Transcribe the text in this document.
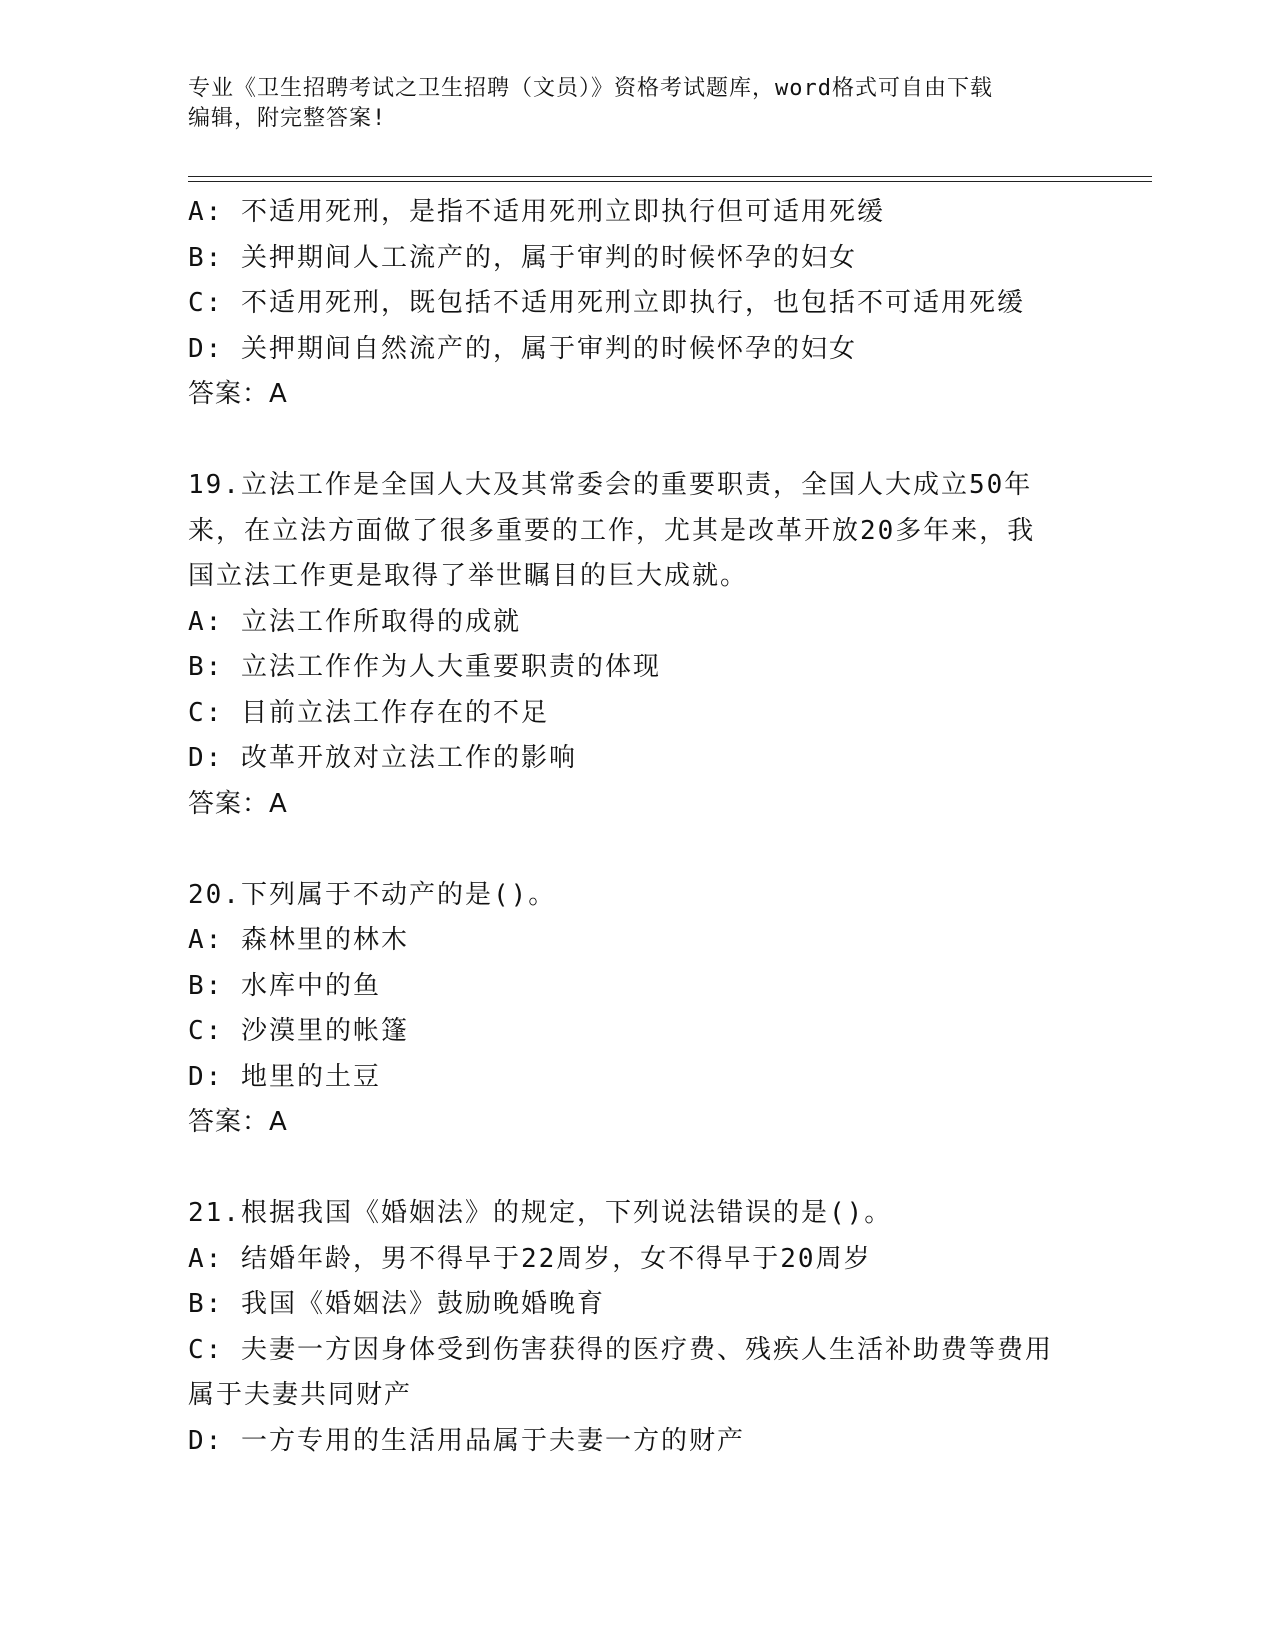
专业《卫生招聘考试之卫生招聘（文员）》资格考试题库，word格式可自由下载
编辑，附完整答案!
A: 不适用死刑，是指不适用死刑立即执行但可适用死缓
B: 关押期间人工流产的，属于审判的时候怀孕的妇女
C: 不适用死刑，既包括不适用死刑立即执行，也包括不可适用死缓
D: 关押期间自然流产的，属于审判的时候怀孕的妇女
答案：A
19.立法工作是全国人大及其常委会的重要职责，全国人大成立50年
来，在立法方面做了很多重要的工作，尤其是改革开放20多年来，我
国立法工作更是取得了举世瞩目的巨大成就。
A: 立法工作所取得的成就
B: 立法工作作为人大重要职责的体现
C: 目前立法工作存在的不足
D: 改革开放对立法工作的影响
答案：A
20.下列属于不动产的是()。
A: 森林里的林木
B: 水库中的鱼
C: 沙漠里的帐篷
D: 地里的土豆
答案：A
21.根据我国《婚姻法》的规定，下列说法错误的是()。
A: 结婚年龄，男不得早于22周岁，女不得早于20周岁
B: 我国《婚姻法》鼓励晚婚晚育
C: 夫妻一方因身体受到伤害获得的医疗费、残疾人生活补助费等费用
属于夫妻共同财产
D: 一方专用的生活用品属于夫妻一方的财产
